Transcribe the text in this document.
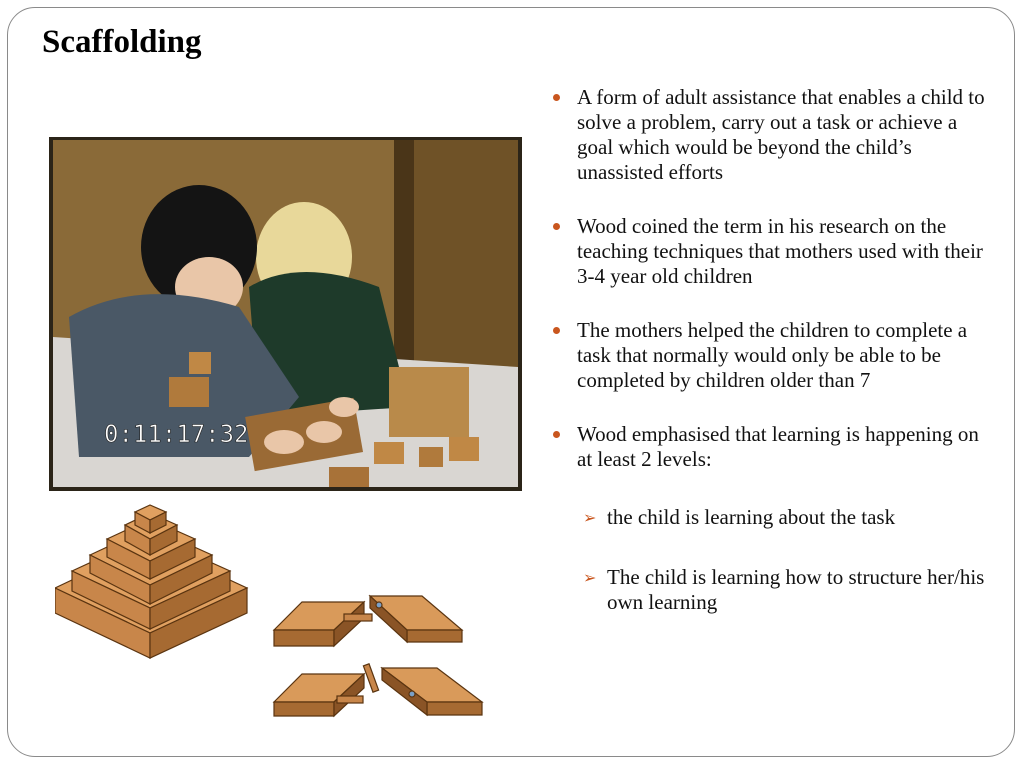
Scaffolding
0:11:17:32
A form of adult assistance that enables a child to solve a problem, carry out a task or achieve a goal which would be beyond the child’s unassisted efforts
Wood coined the term in his research on the teaching techniques that mothers used with their 3-4 year old children
The mothers helped the children to complete a task that normally would only be able to be completed by children older than 7
Wood emphasised that learning is happening on at least 2 levels:
➢ the child is learning about the task
➢ The child is learning how to structure her/his own learning
